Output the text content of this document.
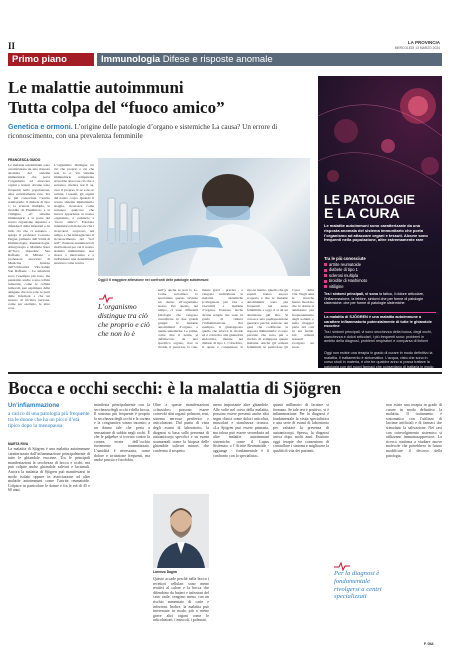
II	LA PROVINCIA
MERCOLEDÌ 13 MARZO 2024
Primo piano	Immunologia Difese e risposte anomale
Le malattie autoimmuni
Tutta colpa del “fuoco amico”
Genetica e ormoni. L’origine delle patologie d’organo e sistemiche La causa? Un errore di riconoscimento, con una prevalenza femminile
FRANCESCA GUIDO
Le malattie autoimmuni sono caratterizzate da una risposta anomala del sistema immunitario che porta l’organismo ad attaccare organi e tessuti. Alcune sono frequenti nella popolazione, altre estremamente rare. Tra le più conosciute l’artrite reumatoide, il diabete di tipo 1, la sclerosi multipla, la tiroidite di Hashimoto e la vitiligine. «Il sistema immunitario è la parte del nostro organismo deputata a difenderci dalle infezioni e da tutto ciò che ci estraneo - spiega il professor Lorenzo Dagna, primario dell’Unità di Immunologia, Reumatologia, Allergologia e Malattie Rare all’Irccs Ospedale San Raffaele di Milano e professore associato di Medicina Interna dell’Università Vita-Salute San Raffaele -. Le infezioni sono l’esempio più noto, ma pensiamo anche a una cellula tumorale, come le cellule tumorali, può esprimere delle antigene che non sono le parti delle infezioni e che un tessuto di un’altra persona, come per esempio, le altre cose.
L’organismo distingue tra ciò che proprio e ciò che non lo è. Un sistema immunitario competente dovrebbe attaccare ciò che è estraneo, mentre noi il sé, cioè il proprio. Il sé sono le cellule, i tessuti, gli organi del nostro corpo. Quando il nostro sistema immunitario sbaglia, riconosce come estraneo qualcosa che invece appartiene al nostro organismo, e comincia a ‘fuoco amico’. Esistono innumerevoli molecole che i ricercatori scoprono nel tempo e che interagiscono il riconoscimento del “not self”. Esistono innumerevoli motivazioni per cui il nostro sistema immunitario non riesce a intervenire e a individuare una determinata struttura come nostra.
Oggi il 6 maggiore attenzione nei confronti delle patologie autoimmuni
L’organismo distingue tra ciò che proprio e ciò che non lo è
sull’), anche se non lo è». Come sottolinea lo specialista questo avviene un danno all’organismo stesso. Per questo, nel tempo, ci sono differenti patologie che vengono classificate in due grandi gruppi: le malattie autoimmuni d’organo e quelle sistemiche. Le prime, come dice il nome, si definiscono da uno specifico organo, cioè la tiroide, il pancreas, la cute.
mente gravi - precisa - e vengono individuate le malattie sistemiche (collagenosi più rare e vasculiti) e malattie d’organo. Esistono anche alcune terapie che sono in grado di ridurre l’infiammazione. Per esempio, il giustapposto quello che attacca la tiroide ed è coinvolto alla ghiandola endocrina, mentre nel diabete di tipo 1, l’obiettivo, il quale è conquistare la
tipo in merito. Quello che gli esperti hanno ancora scoperto è che le malattie autoimmuni sono più frequenti nel sesso femminile e oggi ci si dà un attenzione più alta. Si conosce una predisposizione genetica perché esistono dei geni che codificano la risposta immunitaria: ci sono persone che sono più a rischio di sviluppare queste malattie. Anche gli ormoni femminili, in particolare gli
l’arco della vita. Negli anni le ricerche hanno mostrato che le donne si ammalano più frequentemente degli uomini, e nella maggior parte dei casi in età fertile. Gli ormoni sessuali svolgono un ruolo
LE PATOLOGIE
E LA CURA
Le malattie autoimmuni sono caratterizzate da una risposta anomala del sistema immunitario che porta l’organismo ad attaccare organi e tessuti. Alcune sono frequenti nella popolazione, altre estremamente rare
Tra le più conosciute
artrite reumatoide
diabete di tipo 1
sclerosi multipla
tiroidite di Hashimoto
vitiligine
Tra i sintomi principali, vi sono la fatica, il dolore articolare, l’infiammazione, la febbre, sintomi che per forme di patologie sistemiche: che per forme di patologie sistemiche
La malattia di SJÖGREN è una malattia autoimmune a carattere infiammatorio potenzialmente di tutte le ghiandole esocrine
Tra i sintomi principali, vi sono secchezza della bocca, degli occhi, stanchezza e dolori articolari, i più frequenti sono: problemi in ambito della diagnosi, problemi respiratori e comparsa di linfomi
Oggi non esiste una terapia in grado di curare in modo definitivo la malattia. Il trattamento è sintomatico. L’acqua, visto che sono in corso studi in materia, è che tre qualche anno si possa trattare la patologia con dei nuovi farmaci che consentano di trattarla in modo
Bocca e occhi secchi: è la malattia di Sjögren
Un’infiammazione
a carico di una patologia più frequente tra le donne che ha un picco d’età tipico dopo la menopausa
MARTA RIVA
La malattia di Sjögren è una malattia autoimmune caratterizzata dall’infiammazione principalmente di tutte le ghiandole esocrine. Tra le principali manifestazioni la secchezza di bocca e occhi, ma può colpire anche ghiandole salivari e lacrimali. Ancora la malattia di Sjögren può manifestarsi in modo isolato oppure in associazione ad altre malattie autoimmuni come l’artrite reumatoide. Colpisce in particolare le donne e fra le età di 45 e 60 anni.
manifesta principalmente con la secchezza degli occhi e della bocca. Il sintomo più frequente è proprio la secchezza degli occhi e la cornea e la congiuntiva vanno incontro a un danno tale che porta a sensazione di sabbia negli occhi. È che le palpebre si trovino contro la cornea, errate dell’occhio fortemente traumatizzato. L’umidità è necessaria, come dolore e irritazione frequenti, ma anche prurito e fotofobia.
Oltre a queste manifestazioni «classiche» possono essere coinvolti altri organi: polmoni, reni, sistema nervoso periferico e articolazioni. Dal punto di vista degli esami di laboratorio, la diagnosi si basa sulla presenza di autoanticorpi specifici e su esami strumentali come la biopsia delle ghiandole salivari minori, che conferma il sospetto.
Lorenzo Dagna
Questo accade perché nella bocca i recettori cellulari sono meno reattivi al calore e la bocca che difendono da batteri e infezioni del cavo orale, vengono meno, con un rischio aumentato di carie e infezioni. Inoltre, la malattia può interessare in modo più o meno grave altri organi come le articolazioni, i muscoli, i polmoni.
meno importante altre ghiandole. Alle volte nel corso della malattia, possono essere presenti anche altri segni clinici come dolori articolari, muscolari e stanchezza cronica. «La Sjögren può essere primaria, ma talora può essere secondaria ad altre malattie autoimmuni sistemiche, come il Lupus Sistemico o l’Artrite Reumatoide - aggiunge - fondamentale è il confronto con lo specialista».
quanti millimetri di lacrime si formano. Se tale test è positivo, vi è infiammazione. Per la diagnosi è fondamentale la visita specialistica e una serie di esami di laboratorio per valutare la presenza di autoanticorpi. Spesso, la diagnosi arriva dopo molti anni. Esistono oggi terapie che consentono di controllare i sintomi e migliorare la qualità di vita dei pazienti.
non esiste una terapia in grado di curare in modo definitivo la malattia. Il trattamento è sintomatico con l’utilizzo di lacrime artificiali e di farmaci che stimolano la salivazione. Nei casi con coinvolgimento sistemico si utilizzano immunosoppressori. La ricerca continua a studiare nuove molecole che potrebbero in futuro modificare il decorso della patologia.
Per la diagnosi è fondamentale rivolgersi a centri specializzati
F. GUI.
